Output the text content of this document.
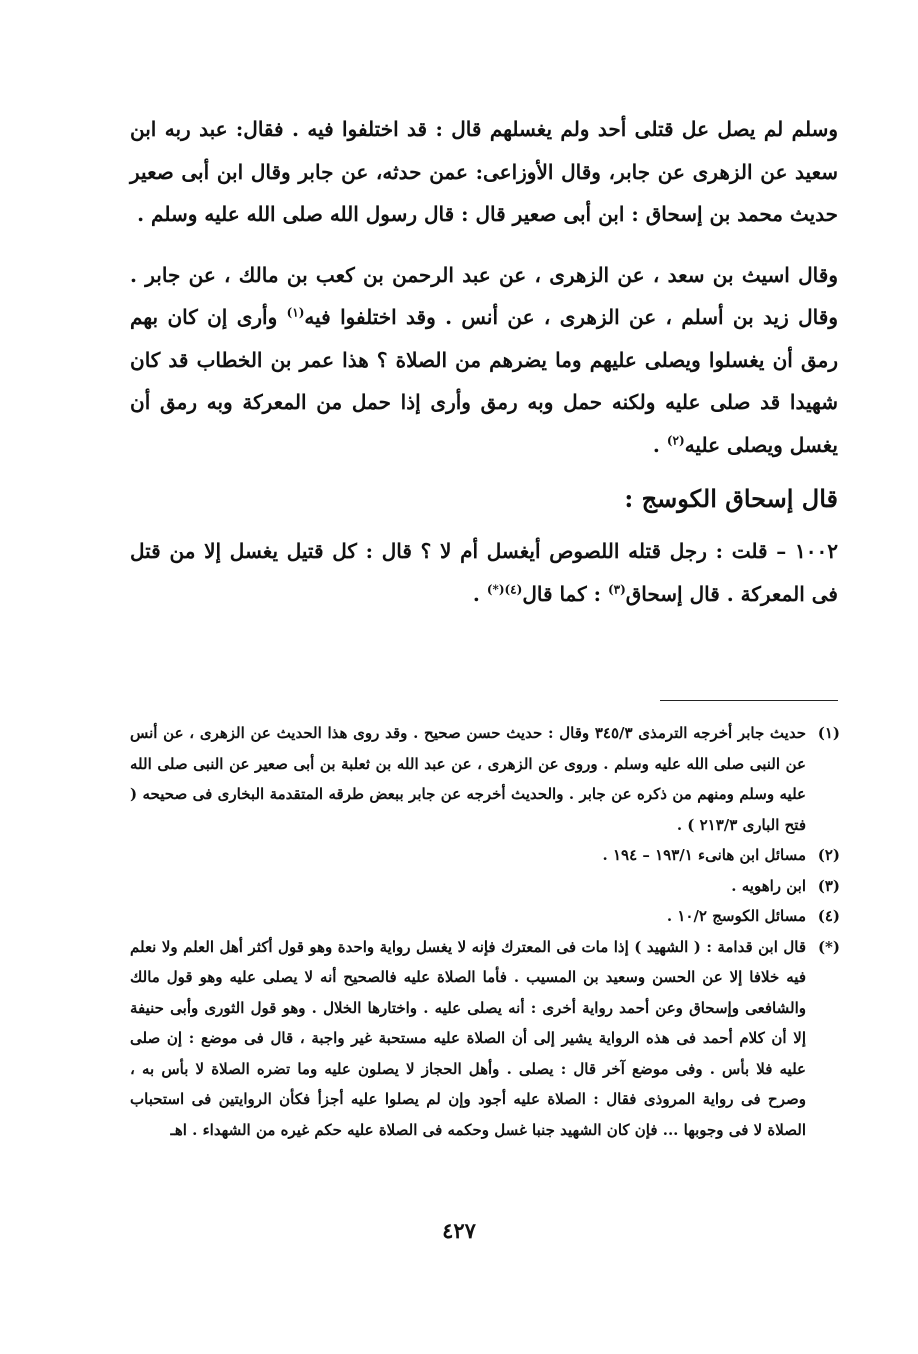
وسلم لم يصل عل قتلى أحد ولم يغسلهم قال : قد اختلفوا فيه . فقال: عبد ربه ابن سعيد عن الزهرى عن جابر، وقال الأوزاعى: عمن حدثه، عن جابر وقال ابن أبى صعير حديث محمد بن إسحاق : ابن أبى صعير قال : قال رسول الله صلى الله عليه وسلم .

وقال اسيث بن سعد ، عن الزهرى ، عن عبد الرحمن بن كعب بن مالك ، عن جابر . وقال زيد بن أسلم ، عن الزهرى ، عن أنس . وقد اختلفوا فيه$^{(١)}$ وأرى إن كان بهم رمق أن يغسلوا ويصلى عليهم وما يضرهم من الصلاة ؟ هذا عمر بن الخطاب قد كان شهيدا قد صلى عليه ولكنه حمل وبه رمق وأرى إذا حمل من المعركة وبه رمق أن يغسل ويصلى عليه$^{(٢)}$ .

قال إسحاق الكوسج :

١٠٠٢ – قلت : رجل قتله اللصوص أيغسل أم لا ؟ قال : كل قتيل يغسل إلا من قتل فى المعركة . قال إسحاق$^{(٣)}$ : كما قال$^{(٤)(*)}$ .

(١)
حديث جابر أخرجه الترمذى ٣٤٥/٣ وقال : حديث حسن صحيح . وقد روى هذا الحديث عن الزهرى ، عن أنس عن النبى صلى الله عليه وسلم . وروى عن الزهرى ، عن عبد الله بن ثعلبة بن أبى صعير عن النبى صلى الله عليه وسلم ومنهم من ذكره عن جابر . والحديث أخرجه عن جابر ببعض طرقه المتقدمة البخارى فى صحيحه ( فتح البارى ٢١٣/٣ ) .
(٢)
مسائل ابن هانىء ١٩٣/١ – ١٩٤ .
(٣)
ابن راهويه .
(٤)
مسائل الكوسج ١٠/٢ .
(*)
قال ابن قدامة : ( الشهيد ) إذا مات فى المعترك فإنه لا يغسل رواية واحدة وهو قول أكثر أهل العلم ولا نعلم فيه خلافا إلا عن الحسن وسعيد بن المسيب . فأما الصلاة عليه فالصحيح أنه لا يصلى عليه وهو قول مالك والشافعى وإسحاق وعن أحمد رواية أخرى : أنه يصلى عليه . واختارها الخلال . وهو قول الثورى وأبى حنيفة إلا أن كلام أحمد فى هذه الرواية يشير إلى أن الصلاة عليه مستحبة غير واجبة ، قال فى موضع : إن صلى عليه فلا بأس . وفى موضع آخر قال : يصلى . وأهل الحجاز لا يصلون عليه وما تضره الصلاة لا بأس به ، وصرح فى رواية المروذى فقال : الصلاة عليه أجود وإن لم يصلوا عليه أجزأ فكأن الروايتين فى استحباب الصلاة لا فى وجوبها ... فإن كان الشهيد جنبا غسل وحكمه فى الصلاة عليه حكم غيره من الشهداء . اهـ
٤٢٧
